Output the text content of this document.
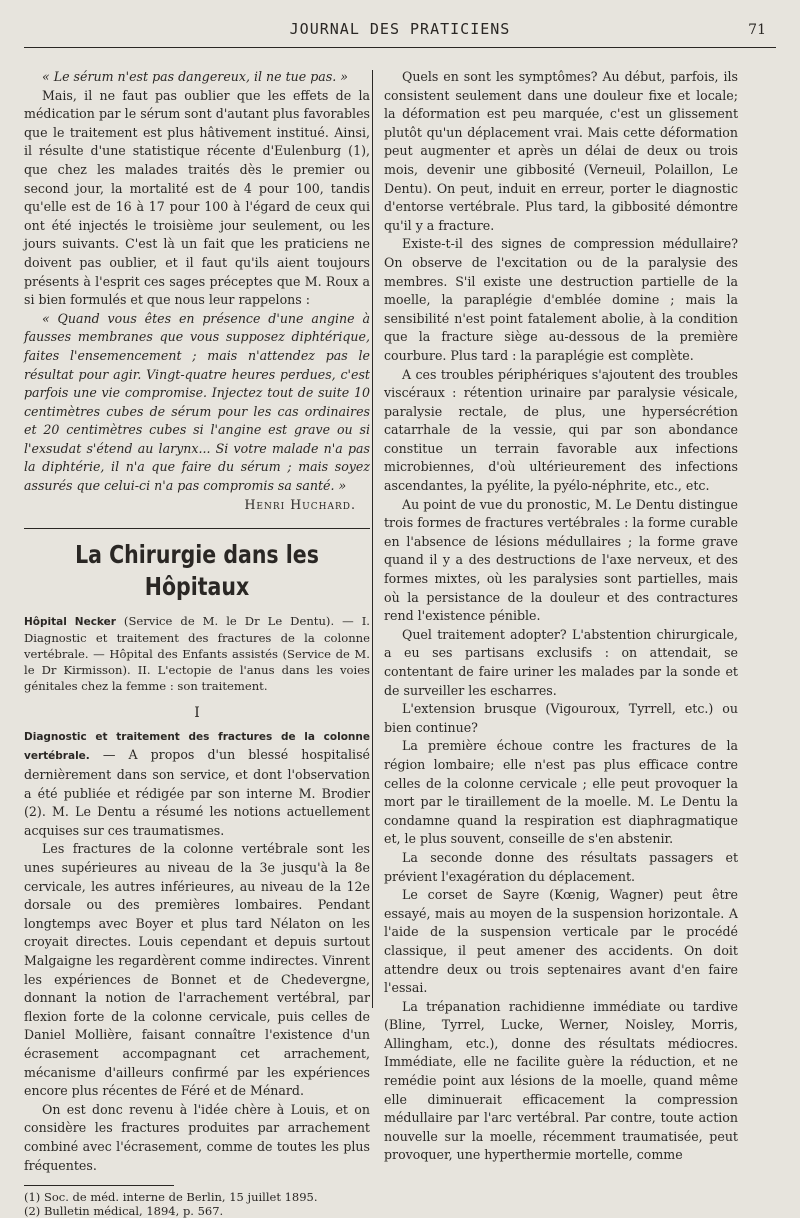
JOURNAL DES PRATICIENS	71

« Le sérum n'est pas dangereux, il ne tue pas. »

Mais, il ne faut pas oublier que les effets de la médication par le sérum sont d'autant plus favorables que le traitement est plus hâtivement institué. Ainsi, il résulte d'une statistique récente d'Eulenburg (1), que chez les malades traités dès le premier ou second jour, la mortalité est de 4 pour 100, tandis qu'elle est de 16 à 17 pour 100 à l'égard de ceux qui ont été injectés le troisième jour seulement, ou les jours suivants. C'est là un fait que les praticiens ne doivent pas oublier, et il faut qu'ils aient toujours présents à l'esprit ces sages préceptes que M. Roux a si bien formulés et que nous leur rappelons :

« Quand vous êtes en présence d'une angine à fausses membranes que vous supposez diphtérique, faites l'ensemencement ; mais n'attendez pas le résultat pour agir. Vingt-quatre heures perdues, c'est parfois une vie compromise. Injectez tout de suite 10 centimètres cubes de sérum pour les cas ordinaires et 20 centimètres cubes si l'angine est grave ou si l'exsudat s'étend au larynx... Si votre malade n'a pas la diphtérie, il n'a que faire du sérum ; mais soyez assurés que celui-ci n'a pas compromis sa santé. »

Henri Huchard.
La Chirurgie dans les Hôpitaux

Hôpital Necker (Service de M. le Dr Le Dentu). — I. Diagnostic et traitement des fractures de la colonne vertébrale. — Hôpital des Enfants assistés (Service de M. le Dr Kirmisson). II. L'ectopie de l'anus dans les voies génitales chez la femme : son traitement.

I

Diagnostic et traitement des fractures de la colonne vertébrale. — A propos d'un blessé hospitalisé dernièrement dans son service, et dont l'observation a été publiée et rédigée par son interne M. Brodier (2). M. Le Dentu a résumé les notions actuellement acquises sur ces traumatismes.

Les fractures de la colonne vertébrale sont les unes supérieures au niveau de la 3e jusqu'à la 8e cervicale, les autres inférieures, au niveau de la 12e dorsale ou des premières lombaires. Pendant longtemps avec Boyer et plus tard Nélaton on les croyait directes. Louis cependant et depuis surtout Malgaigne les regardèrent comme indirectes. Vinrent les expériences de Bonnet et de Chedevergne, donnant la notion de l'arrachement vertébral, par flexion forte de la colonne cervicale, puis celles de Daniel Mollière, faisant connaître l'existence d'un écrasement accompagnant cet arrachement, mécanisme d'ailleurs confirmé par les expériences encore plus récentes de Féré et de Ménard.

On est donc revenu à l'idée chère à Louis, et on considère les fractures produites par arrachement combiné avec l'écrasement, comme de toutes les plus fréquentes.

(1) Soc. de méd. interne de Berlin, 15 juillet 1895.

(2) Bulletin médical, 1894, p. 567.

Quels en sont les symptômes? Au début, parfois, ils consistent seulement dans une douleur fixe et locale; la déformation est peu marquée, c'est un glissement plutôt qu'un déplacement vrai. Mais cette déformation peut augmenter et après un délai de deux ou trois mois, devenir une gibbosité (Verneuil, Polaillon, Le Dentu). On peut, induit en erreur, porter le diagnostic d'entorse vertébrale. Plus tard, la gibbosité démontre qu'il y a fracture.

Existe-t-il des signes de compression médullaire? On observe de l'excitation ou de la paralysie des membres. S'il existe une destruction partielle de la moelle, la paraplégie d'emblée domine ; mais la sensibilité n'est point fatalement abolie, à la condition que la fracture siège au-dessous de la première courbure. Plus tard : la paraplégie est complète.

A ces troubles périphériques s'ajoutent des troubles viscéraux : rétention urinaire par paralysie vésicale, paralysie rectale, de plus, une hypersécrétion catarrhale de la vessie, qui par son abondance constitue un terrain favorable aux infections microbiennes, d'où ultérieurement des infections ascendantes, la pyélite, la pyélo-néphrite, etc., etc.

Au point de vue du pronostic, M. Le Dentu distingue trois formes de fractures vertébrales : la forme curable en l'absence de lésions médullaires ; la forme grave quand il y a des destructions de l'axe nerveux, et des formes mixtes, où les paralysies sont partielles, mais où la persistance de la douleur et des contractures rend l'existence pénible.

Quel traitement adopter? L'abstention chirurgicale, a eu ses partisans exclusifs : on attendait, se contentant de faire uriner les malades par la sonde et de surveiller les escharres.

L'extension brusque (Vigouroux, Tyrrell, etc.) ou bien continue?

La première échoue contre les fractures de la région lombaire; elle n'est pas plus efficace contre celles de la colonne cervicale ; elle peut provoquer la mort par le tiraillement de la moelle. M. Le Dentu la condamne quand la respiration est diaphragmatique et, le plus souvent, conseille de s'en abstenir.

La seconde donne des résultats passagers et prévient l'exagération du déplacement.

Le corset de Sayre (Kœnig, Wagner) peut être essayé, mais au moyen de la suspension horizontale. A l'aide de la suspension verticale par le procédé classique, il peut amener des accidents. On doit attendre deux ou trois septenaires avant d'en faire l'essai.

La trépanation rachidienne immédiate ou tardive (Bline, Tyrrel, Lucke, Werner, Noisley, Morris, Allingham, etc.), donne des résultats médiocres. Immédiate, elle ne facilite guère la réduction, et ne remédie point aux lésions de la moelle, quand même elle diminuerait efficacement la compression médullaire par l'arc vertébral. Par contre, toute action nouvelle sur la moelle, récemment traumatisée, peut provoquer, une hyperthermie mortelle, comme
